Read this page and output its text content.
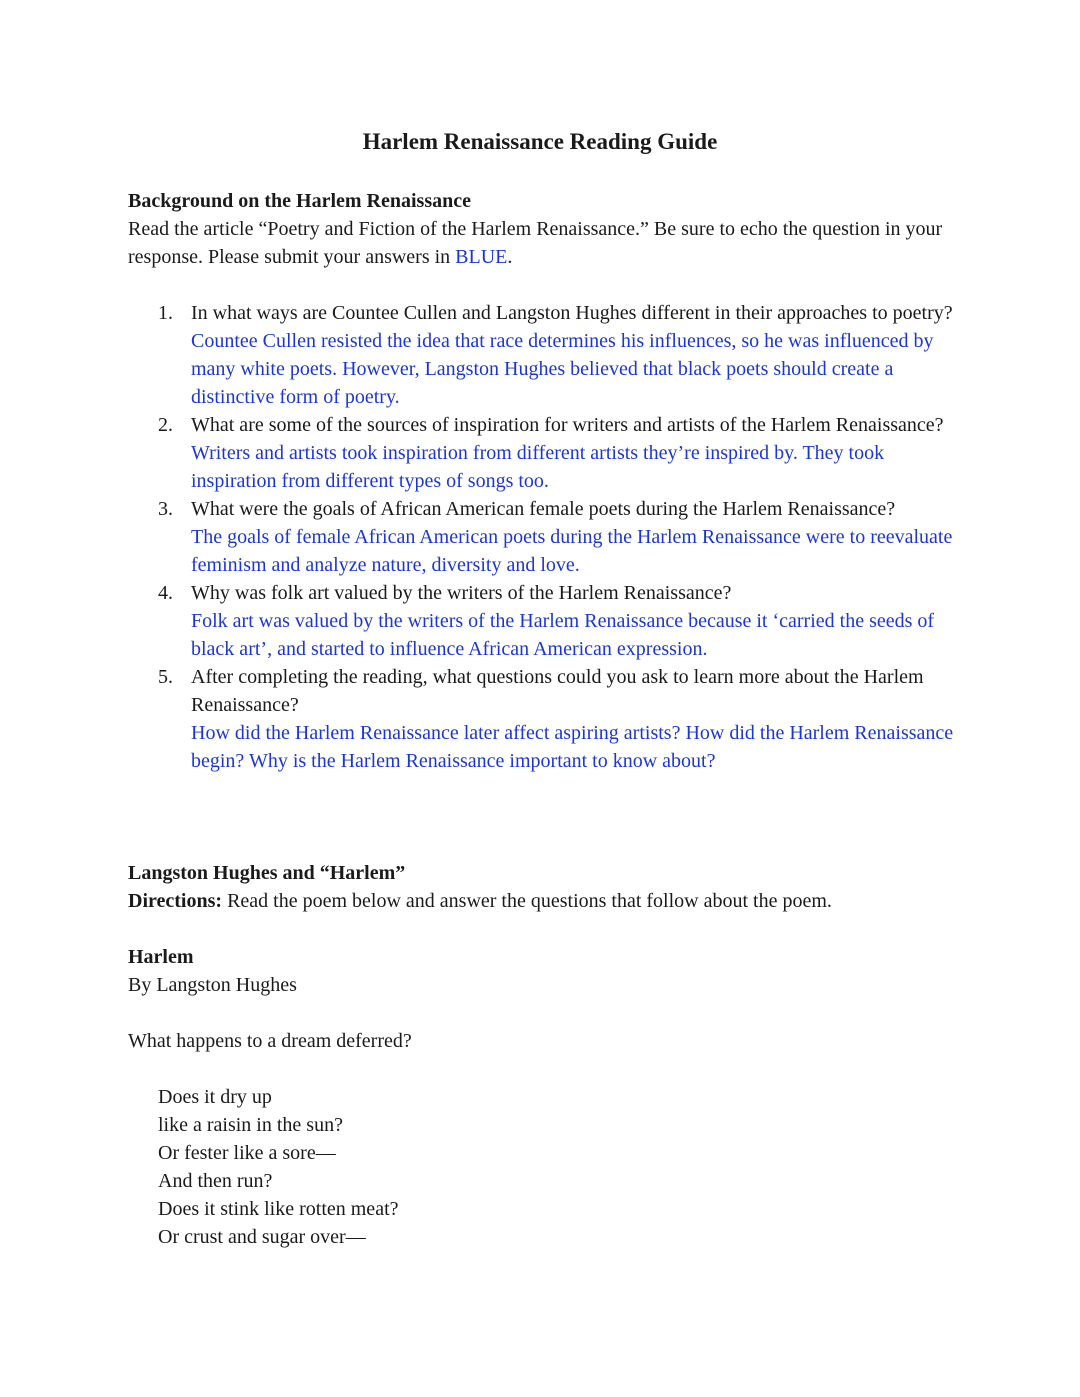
Harlem Renaissance Reading Guide
Background on the Harlem Renaissance
Read the article “Poetry and Fiction of the Harlem Renaissance.” Be sure to echo the question in your response. Please submit your answers in BLUE.
1. In what ways are Countee Cullen and Langston Hughes different in their approaches to poetry?
Countee Cullen resisted the idea that race determines his influences, so he was influenced by many white poets. However, Langston Hughes believed that black poets should create a distinctive form of poetry.
2. What are some of the sources of inspiration for writers and artists of the Harlem Renaissance?
Writers and artists took inspiration from different artists they’re inspired by. They took inspiration from different types of songs too.
3. What were the goals of African American female poets during the Harlem Renaissance?
The goals of female African American poets during the Harlem Renaissance were to reevaluate feminism and analyze nature, diversity and love.
4. Why was folk art valued by the writers of the Harlem Renaissance?
Folk art was valued by the writers of the Harlem Renaissance because it ‘carried the seeds of black art’, and started to influence African American expression.
5. After completing the reading, what questions could you ask to learn more about the Harlem Renaissance?
How did the Harlem Renaissance later affect aspiring artists? How did the Harlem Renaissance begin? Why is the Harlem Renaissance important to know about?
Langston Hughes and “Harlem”
Directions: Read the poem below and answer the questions that follow about the poem.
Harlem
By Langston Hughes
What happens to a dream deferred?
Does it dry up
like a raisin in the sun?
Or fester like a sore—
And then run?
Does it stink like rotten meat?
Or crust and sugar over—
